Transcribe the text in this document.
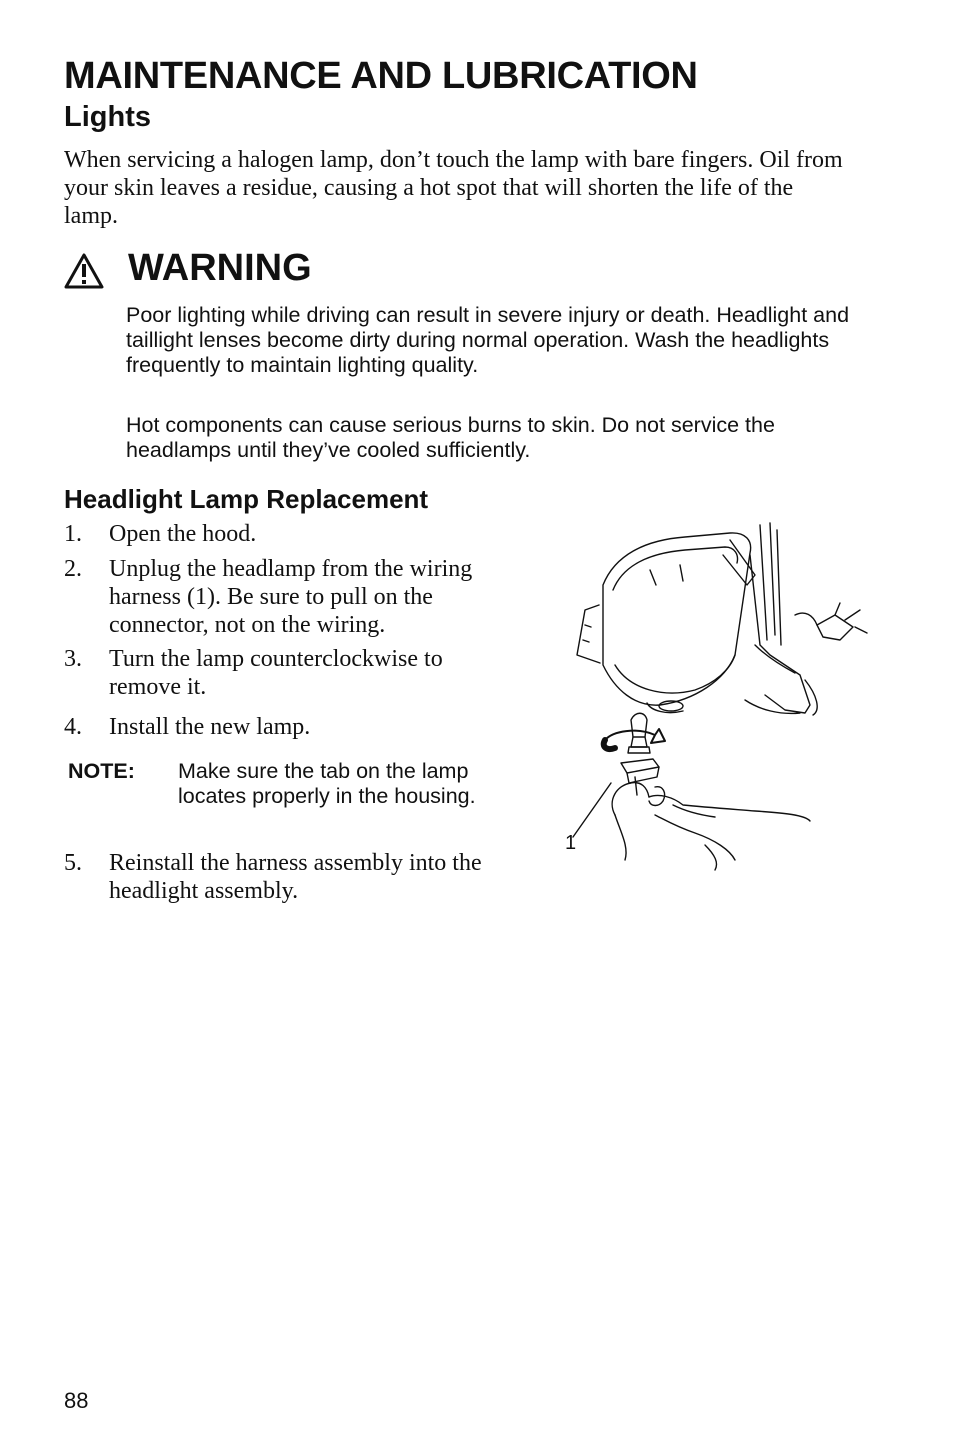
MAINTENANCE AND LUBRICATION
Lights

When servicing a halogen lamp, don’t touch the lamp with bare fingers. Oil from your skin leaves a residue, causing a hot spot that will shorten the life of the lamp.

WARNING

Poor lighting while driving can result in severe injury or death. Headlight and taillight lenses become dirty during normal operation. Wash the headlights frequently to maintain lighting quality.

Hot components can cause serious burns to skin. Do not service the headlamps until they’ve cooled sufficiently.

Headlight Lamp Replacement
1. Open the hood.
2. Unplug the headlamp from the wiring harness (1). Be sure to pull on the connector, not on the wiring.
3. Turn the lamp counterclockwise to remove it.
4. Install the new lamp.
NOTE: Make sure the tab on the lamp locates properly in the housing.
5. Reinstall the harness assembly into the headlight assembly.
1
88
